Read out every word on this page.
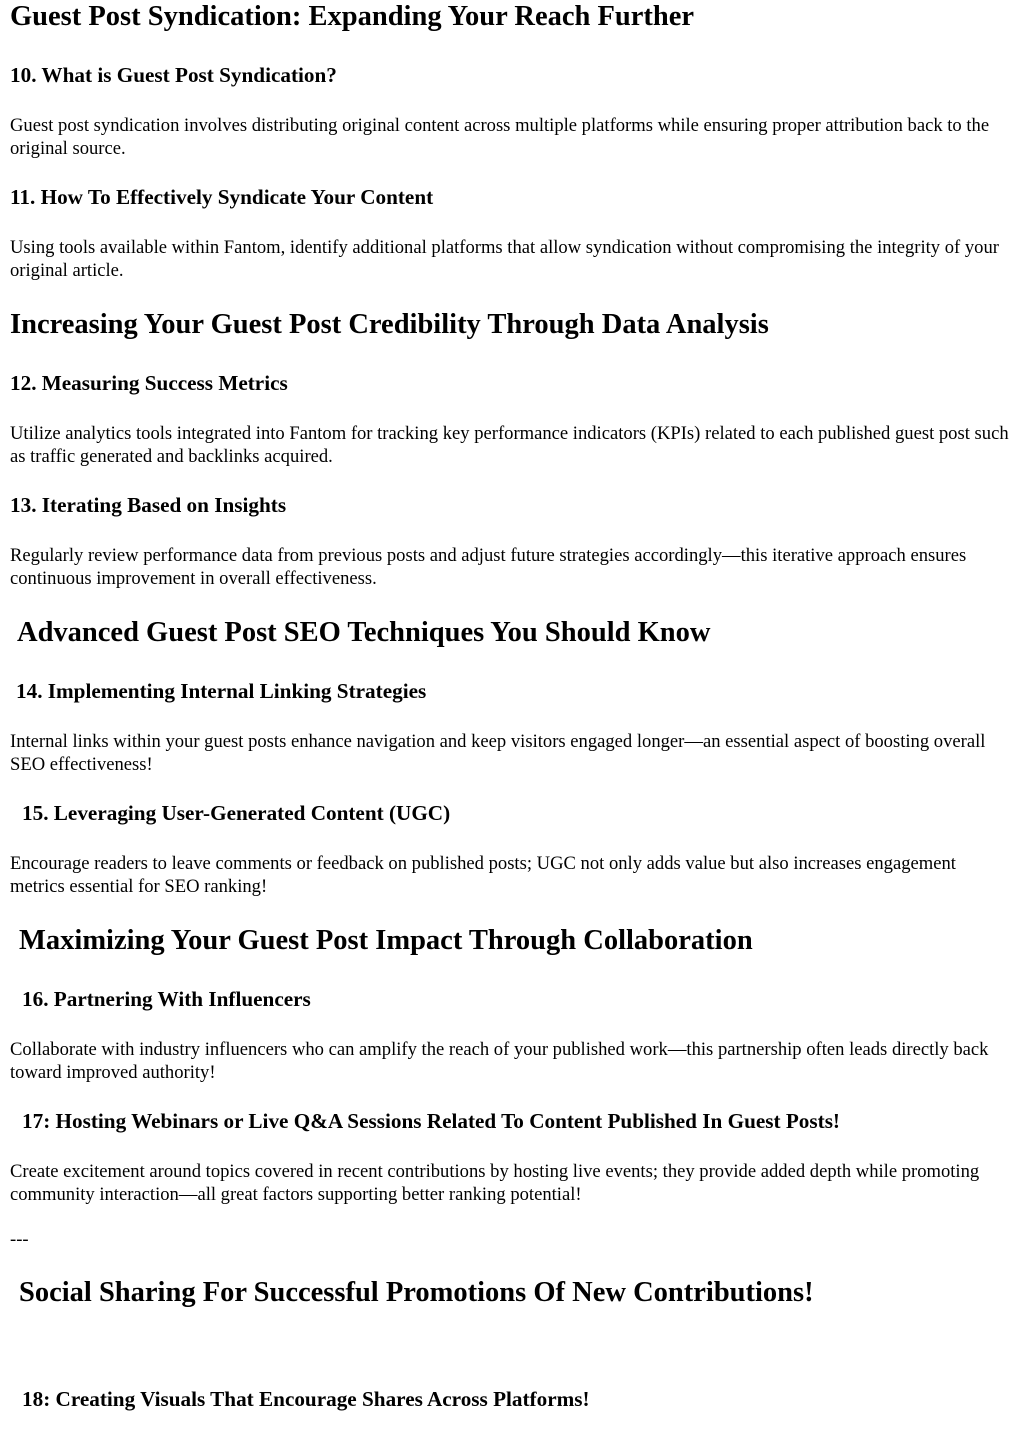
Guest Post Syndication: Expanding Your Reach Further
10. What is Guest Post Syndication?

Guest post syndication involves distributing original content across multiple platforms while ensuring proper attribution back to the original source.

11. How To Effectively Syndicate Your Content

Using tools available within Fantom, identify additional platforms that allow syndication without compromising the integrity of your original article.

Increasing Your Guest Post Credibility Through Data Analysis
12. Measuring Success Metrics

Utilize analytics tools integrated into Fantom for tracking key performance indicators (KPIs) related to each published guest post such as traffic generated and backlinks acquired.

13. Iterating Based on Insights

Regularly review performance data from previous posts and adjust future strategies accordingly—this iterative approach ensures continuous improvement in overall effectiveness.

Advanced Guest Post SEO Techniques You Should Know
14. Implementing Internal Linking Strategies

Internal links within your guest posts enhance navigation and keep visitors engaged longer—an essential aspect of boosting overall SEO effectiveness!

15. Leveraging User-Generated Content (UGC)

Encourage readers to leave comments or feedback on published posts; UGC not only adds value but also increases engagement metrics essential for SEO ranking!

Maximizing Your Guest Post Impact Through Collaboration
16. Partnering With Influencers

Collaborate with industry influencers who can amplify the reach of your published work—this partnership often leads directly back toward improved authority!

17: Hosting Webinars or Live Q&A Sessions Related To Content Published In Guest Posts!

Create excitement around topics covered in recent contributions by hosting live events; they provide added depth while promoting community interaction—all great factors supporting better ranking potential!

---

Social Sharing For Successful Promotions Of New Contributions!
18: Creating Visuals That Encourage Shares Across Platforms!
